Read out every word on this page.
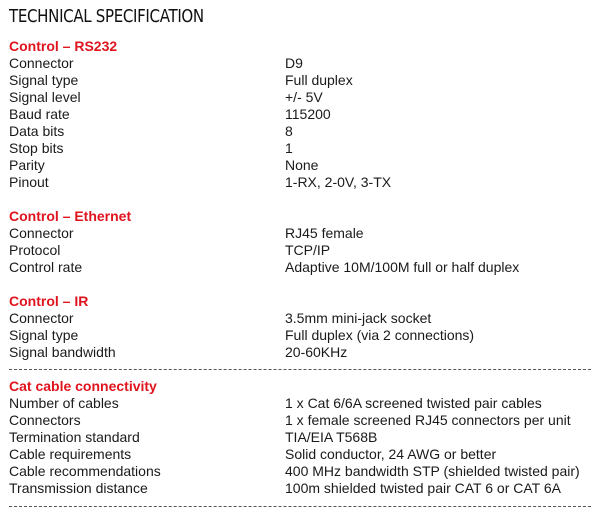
TECHNICAL SPECIFICATION
Control – RS232
Connector	D9
Signal type	Full duplex
Signal level	+/- 5V
Baud rate	115200
Data bits	8
Stop bits	1
Parity	None
Pinout	1-RX, 2-0V, 3-TX
Control – Ethernet
Connector	RJ45 female
Protocol	TCP/IP
Control rate	Adaptive 10M/100M full or half duplex
Control – IR
Connector	3.5mm mini-jack socket
Signal type	Full duplex (via 2 connections)
Signal bandwidth	20-60KHz
Cat cable connectivity
Number of cables	1 x Cat 6/6A screened twisted pair cables
Connectors	1 x female screened RJ45 connectors per unit
Termination standard	TIA/EIA T568B
Cable requirements	Solid conductor, 24 AWG or better
Cable recommendations	400 MHz bandwidth STP (shielded twisted pair)
Transmission distance	100m shielded twisted pair CAT 6 or CAT 6A
